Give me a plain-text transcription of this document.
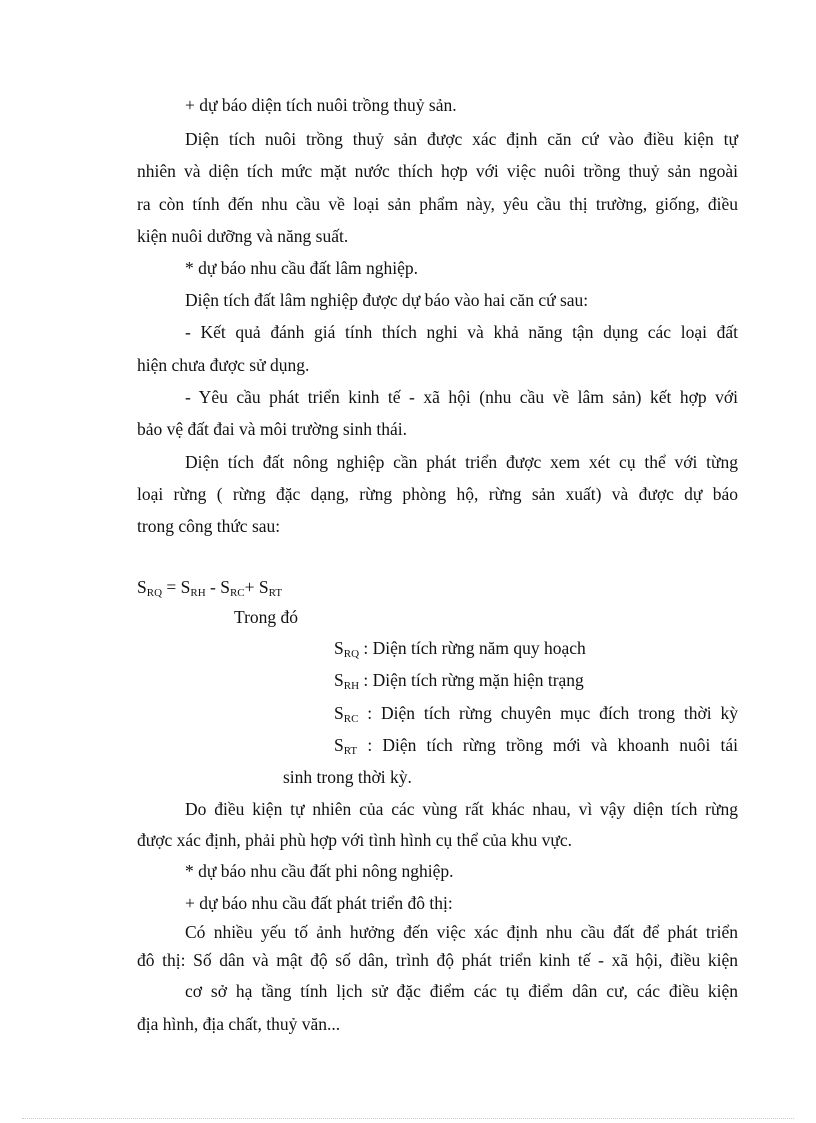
+ dự báo diện tích nuôi trồng thuỷ sản.
Diện tích nuôi trồng thuỷ sản được xác định căn cứ vào điều kiện tự
nhiên và diện tích mức mặt nước thích hợp với việc nuôi trồng thuỷ sản ngoài
ra còn tính đến nhu cầu về loại sản phẩm này, yêu cầu thị trường, giống, điều
kiện nuôi dưỡng và năng suất.
* dự báo nhu cầu đất lâm nghiệp.
Diện tích đất lâm nghiệp được dự báo vào hai căn cứ sau:
- Kết quả đánh giá tính thích nghi và khả năng tận dụng các loại đất
hiện chưa được sử dụng.
- Yêu cầu phát triển kinh tế - xã hội (nhu cầu về lâm sản) kết hợp với
bảo vệ đất đai và môi trường sinh thái.
Diện tích đất nông nghiệp cần phát triển được xem xét cụ thể với từng
loại rừng ( rừng đặc dạng, rừng phòng hộ, rừng sản xuất) và được dự báo
trong công thức sau:
$S_{RQ} = S_{RH} - S_{RC}+ S_{RT}$
Trong đó
$S_{RQ}$ : Diện tích rừng năm quy hoạch
$S_{RH}$ : Diện tích rừng mặn hiện trạng
$S_{RC}$ : Diện tích rừng chuyên mục đích trong thời kỳ
$S_{RT}$ : Diện tích rừng trồng mới và khoanh nuôi tái
sinh trong thời kỳ.
Do điều kiện tự nhiên của các vùng rất khác nhau, vì vậy diện tích rừng
được xác định, phải phù hợp với tình hình cụ thể của khu vực.
* dự báo nhu cầu đất phi nông nghiệp.
+ dự báo nhu cầu đất phát triển đô thị:
Có nhiều yếu tố ảnh hưởng đến việc xác định nhu cầu đất để phát triển
đô thị: Số dân và mật độ số dân, trình độ phát triển kinh tế - xã hội, điều kiện
cơ sở hạ tầng tính lịch sử đặc điểm các tụ điểm dân cư, các điều kiện
địa hình, địa chất, thuỷ văn...
